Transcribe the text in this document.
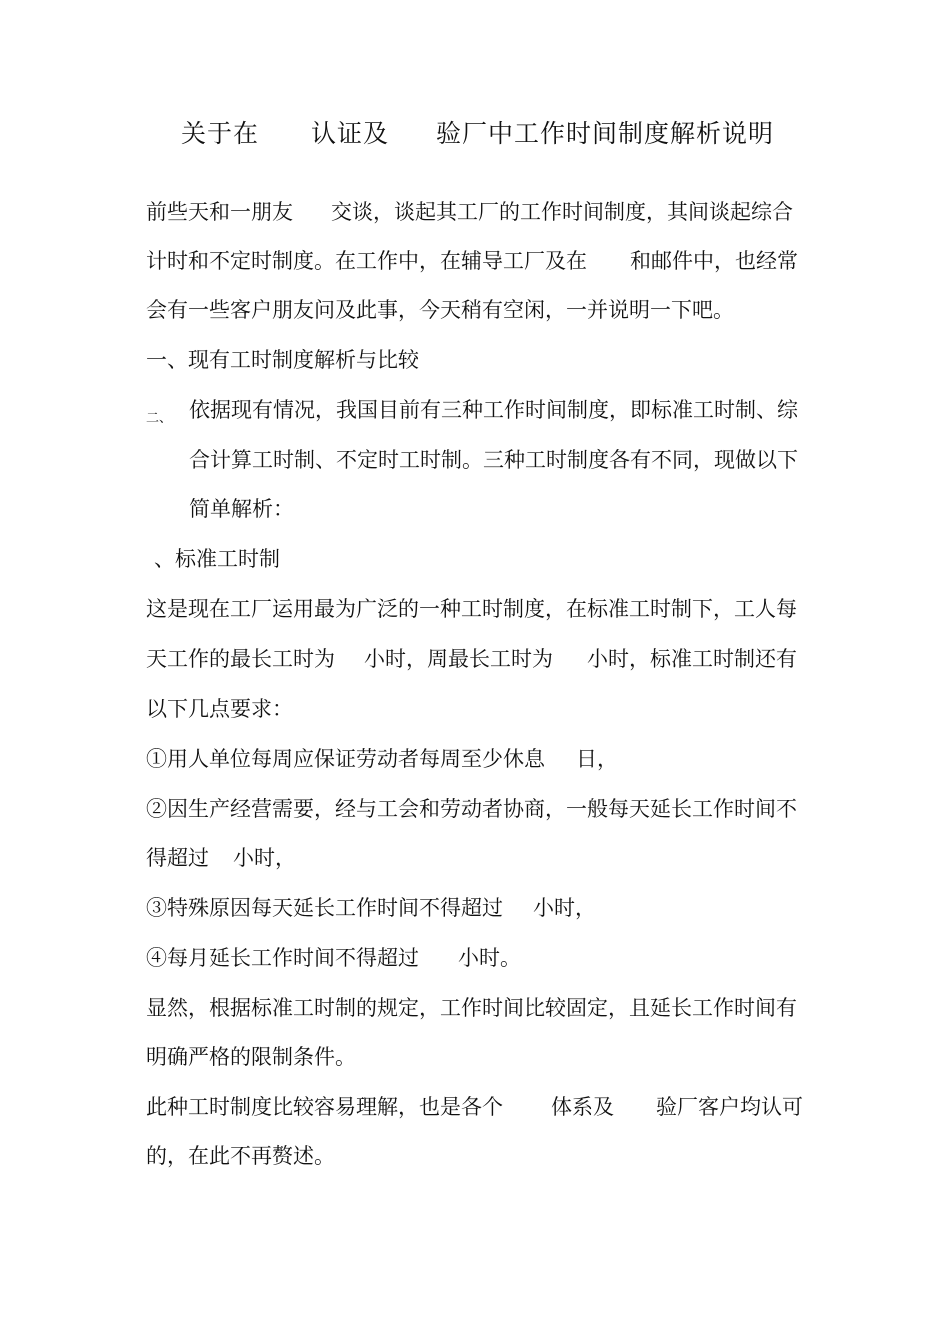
关于在 认证及 验厂中工作时间制度解析说明
前些天和一朋友 交谈，谈起其工厂的工作时间制度，其间谈起综合
计时和不定时制度。在工作中，在辅导工厂及在 和邮件中，也经常
会有一些客户朋友问及此事，今天稍有空闲，一并说明一下吧。
一、现有工时制度解析与比较
二、 依据现有情况，我国目前有三种工作时间制度，即标准工时制、综
合计算工时制、不定时工时制。三种工时制度各有不同，现做以下
简单解析：
、标准工时制
这是现在工厂运用最为广泛的一种工时制度，在标准工时制下，工人每
天工作的最长工时为 小时，周最长工时为 小时，标准工时制还有
以下几点要求：
①用人单位每周应保证劳动者每周至少休息 日，
②因生产经营需要，经与工会和劳动者协商，一般每天延长工作时间不
得超过 小时，
③特殊原因每天延长工作时间不得超过 小时，
④每月延长工作时间不得超过 小时。
显然，根据标准工时制的规定，工作时间比较固定，且延长工作时间有
明确严格的限制条件。
此种工时制度比较容易理解，也是各个 体系及 验厂客户均认可
的，在此不再赘述。
